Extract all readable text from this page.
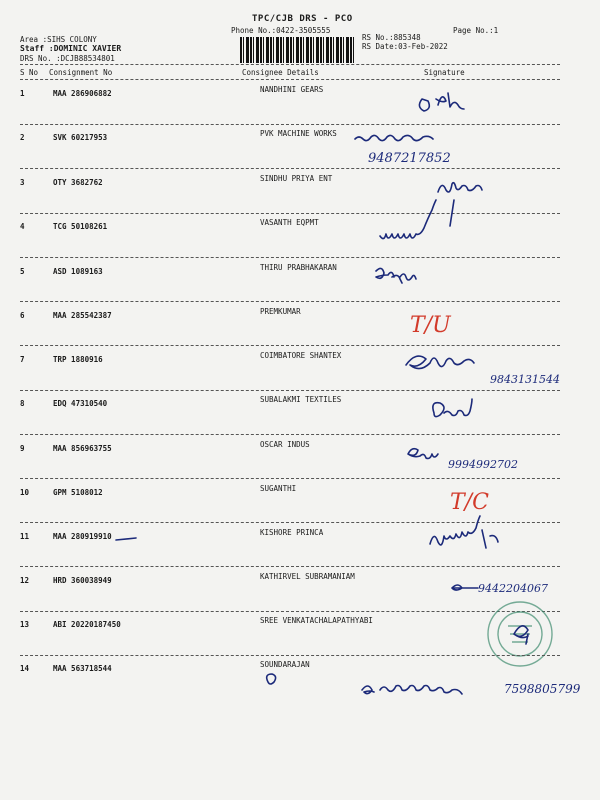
TPC/CJB DRS - PCO
Phone No.:0422-3505555
Area :SIHS COLONY
Staff :DOMINIC XAVIER
DRS No. :DCJB88534801
Page No.:1
RS No.:885348
RS Date:03-Feb-2022
S No Consignment No	Consignee Details	Signature
1	MAA 286906882	NANDHINI GEARS
2	SVK 60217953	PVK MACHINE WORKS
9487217852
3	OTY 3682762	SINDHU PRIYA ENT
4	TCG 50108261	VASANTH EQPMT
5	ASD 1089163	THIRU PRABHAKARAN
6	MAA 285542387	PREMKUMAR
T/U
7	TRP 1880916	COIMBATORE SHANTEX
9843131544
8	EDQ 47310540	SUBALAKMI TEXTILES
9	MAA 856963755	OSCAR INDUS
9994992702
10	GPM 5108012	SUGANTHI
T/C
11	MAA 280919910	KISHORE PRINCA
12	HRD 360038949	KATHIRVEL SUBRAMANIAM
9442204067
13	ABI 20220187450	SREE VENKATACHALAPATHYABI
14	MAA 563718544	SOUNDARAJAN
7598805799
